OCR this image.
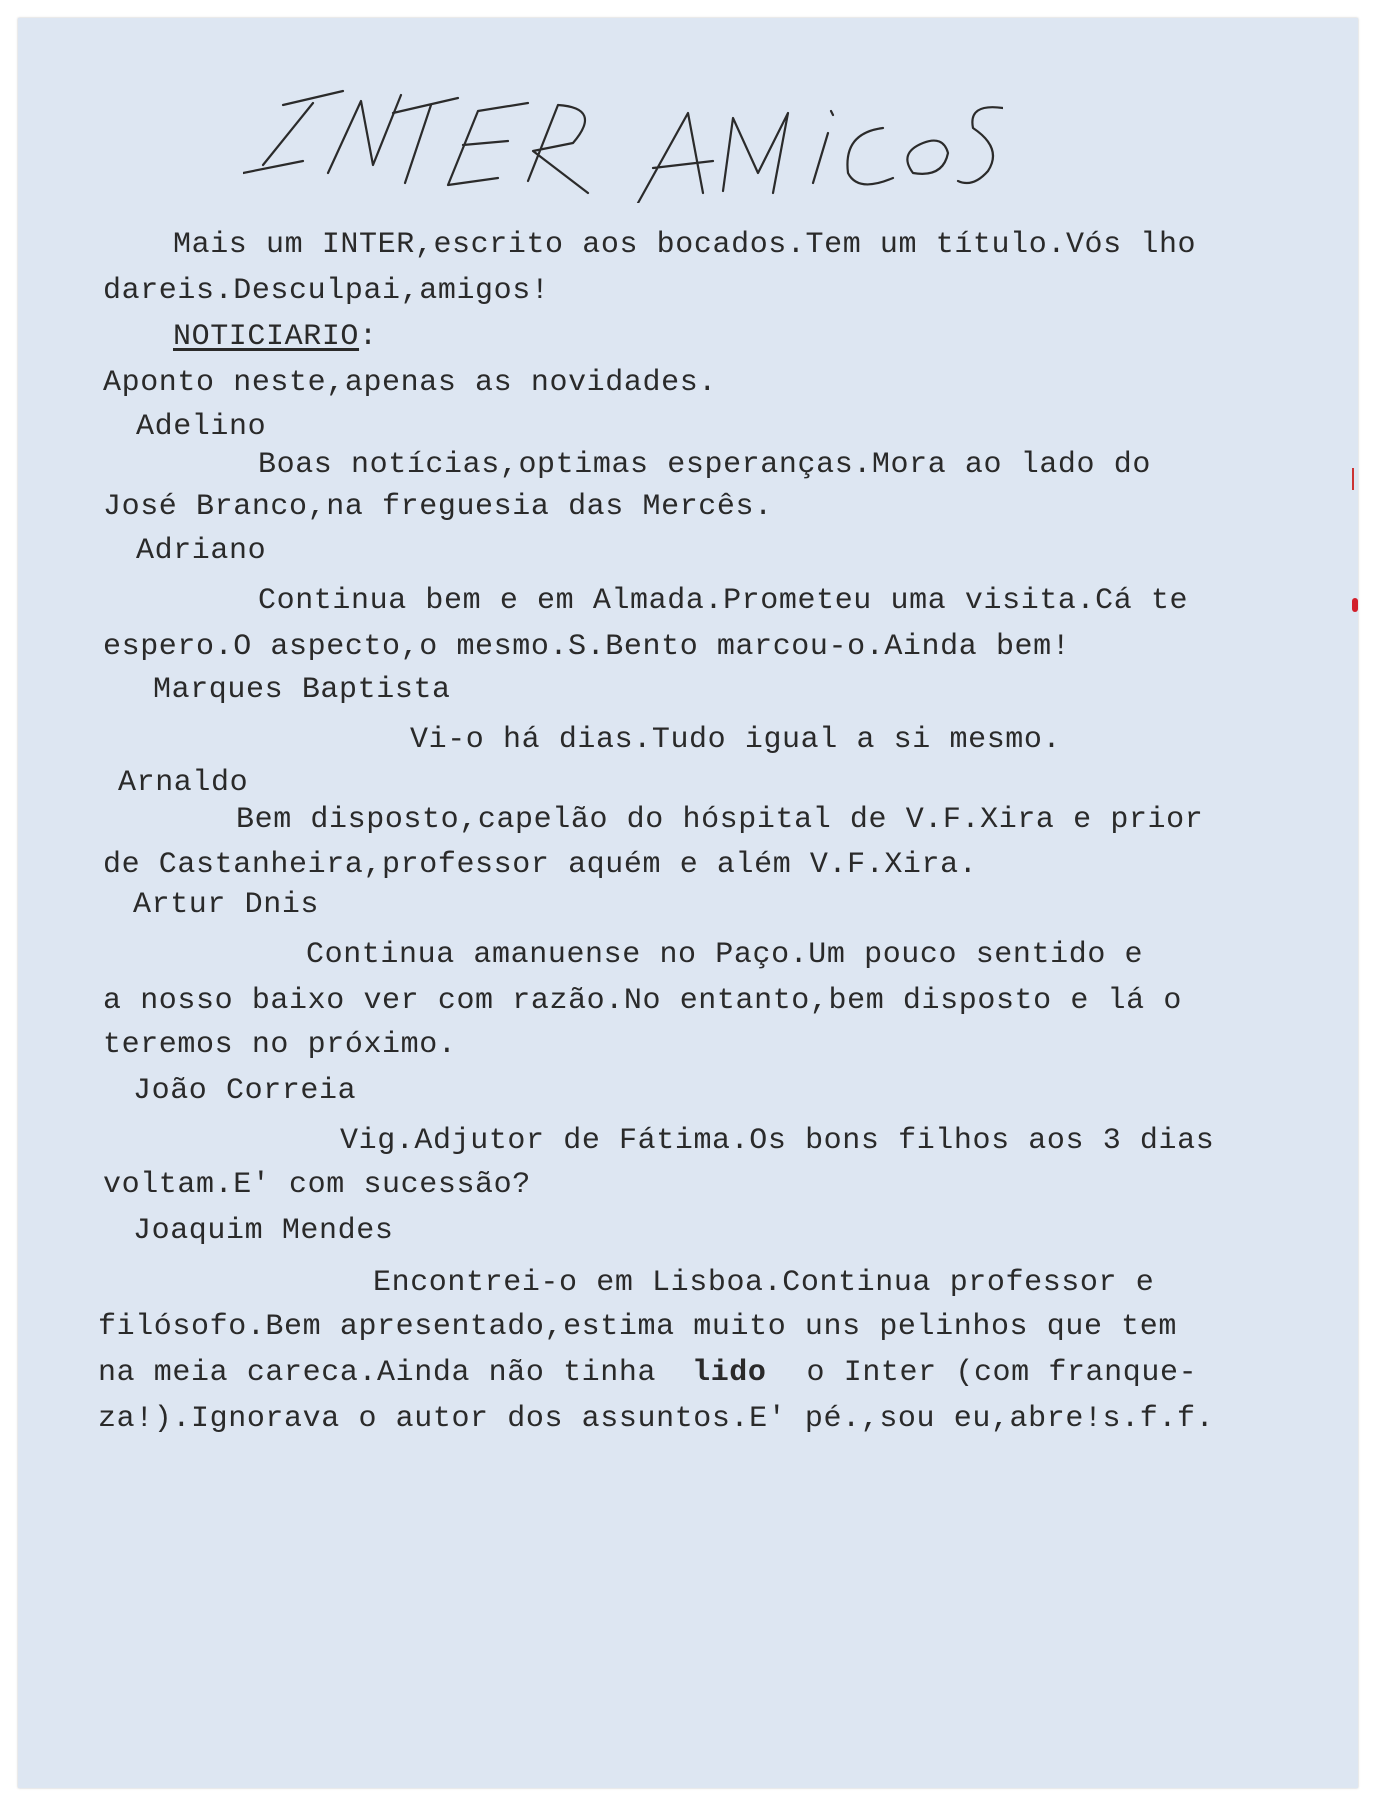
Mais um INTER,escrito aos bocados.Tem um título.Vós lho
dareis.Desculpai,amigos!
NOTICIARIO:
Aponto neste,apenas as novidades.
Adelino
Boas notícias,optimas esperanças.Mora ao lado do
José Branco,na freguesia das Mercês.
Adriano
Continua bem e em Almada.Prometeu uma visita.Cá te
espero.O aspecto,o mesmo.S.Bento marcou-o.Ainda bem!
Marques Baptista
Vi-o há dias.Tudo igual a si mesmo.
Arnaldo
Bem disposto,capelão do hóspital de V.F.Xira e prior
de Castanheira,professor aquém e além V.F.Xira.
Artur Dnis
Continua amanuense no Paço.Um pouco sentido e
a nosso baixo ver com razão.No entanto,bem disposto e lá o
teremos no próximo.
João Correia
Vig.Adjutor de Fátima.Os bons filhos aos 3 dias
voltam.E' com sucessão?
Joaquim Mendes
Encontrei-o em Lisboa.Continua professor e
filósofo.Bem apresentado,estima muito uns pelinhos que tem
na meia careca.Ainda não tinha lido o Inter (com franque-
za!).Ignorava o autor dos assuntos.E' pé.,sou eu,abre!s.f.f.
